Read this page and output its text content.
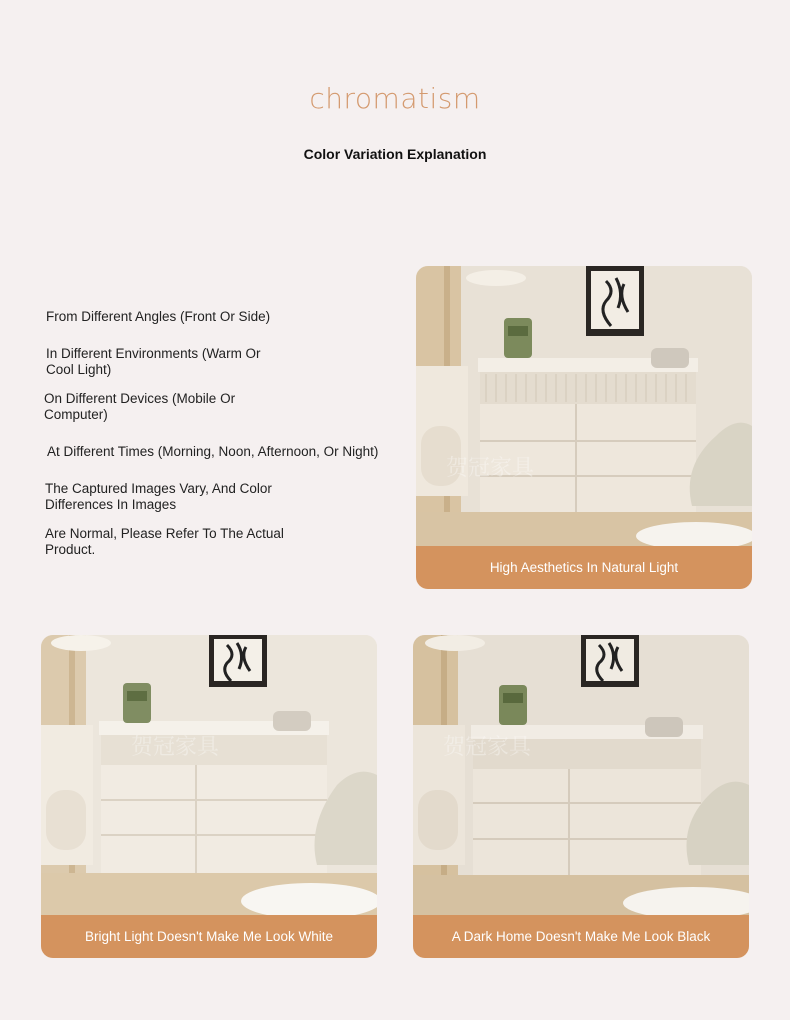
chromatism
Color Variation Explanation
From Different Angles (Front Or Side)
In Different Environments (Warm Or Cool Light)
On Different Devices (Mobile Or Computer)
At Different Times (Morning, Noon, Afternoon, Or Night)
The Captured Images Vary, And Color Differences In Images
Are Normal, Please Refer To The Actual Product.
贺冠家具
High Aesthetics In Natural Light
贺冠家具
Bright Light Doesn't Make Me Look White
贺冠家具
A Dark Home Doesn't Make Me Look Black
